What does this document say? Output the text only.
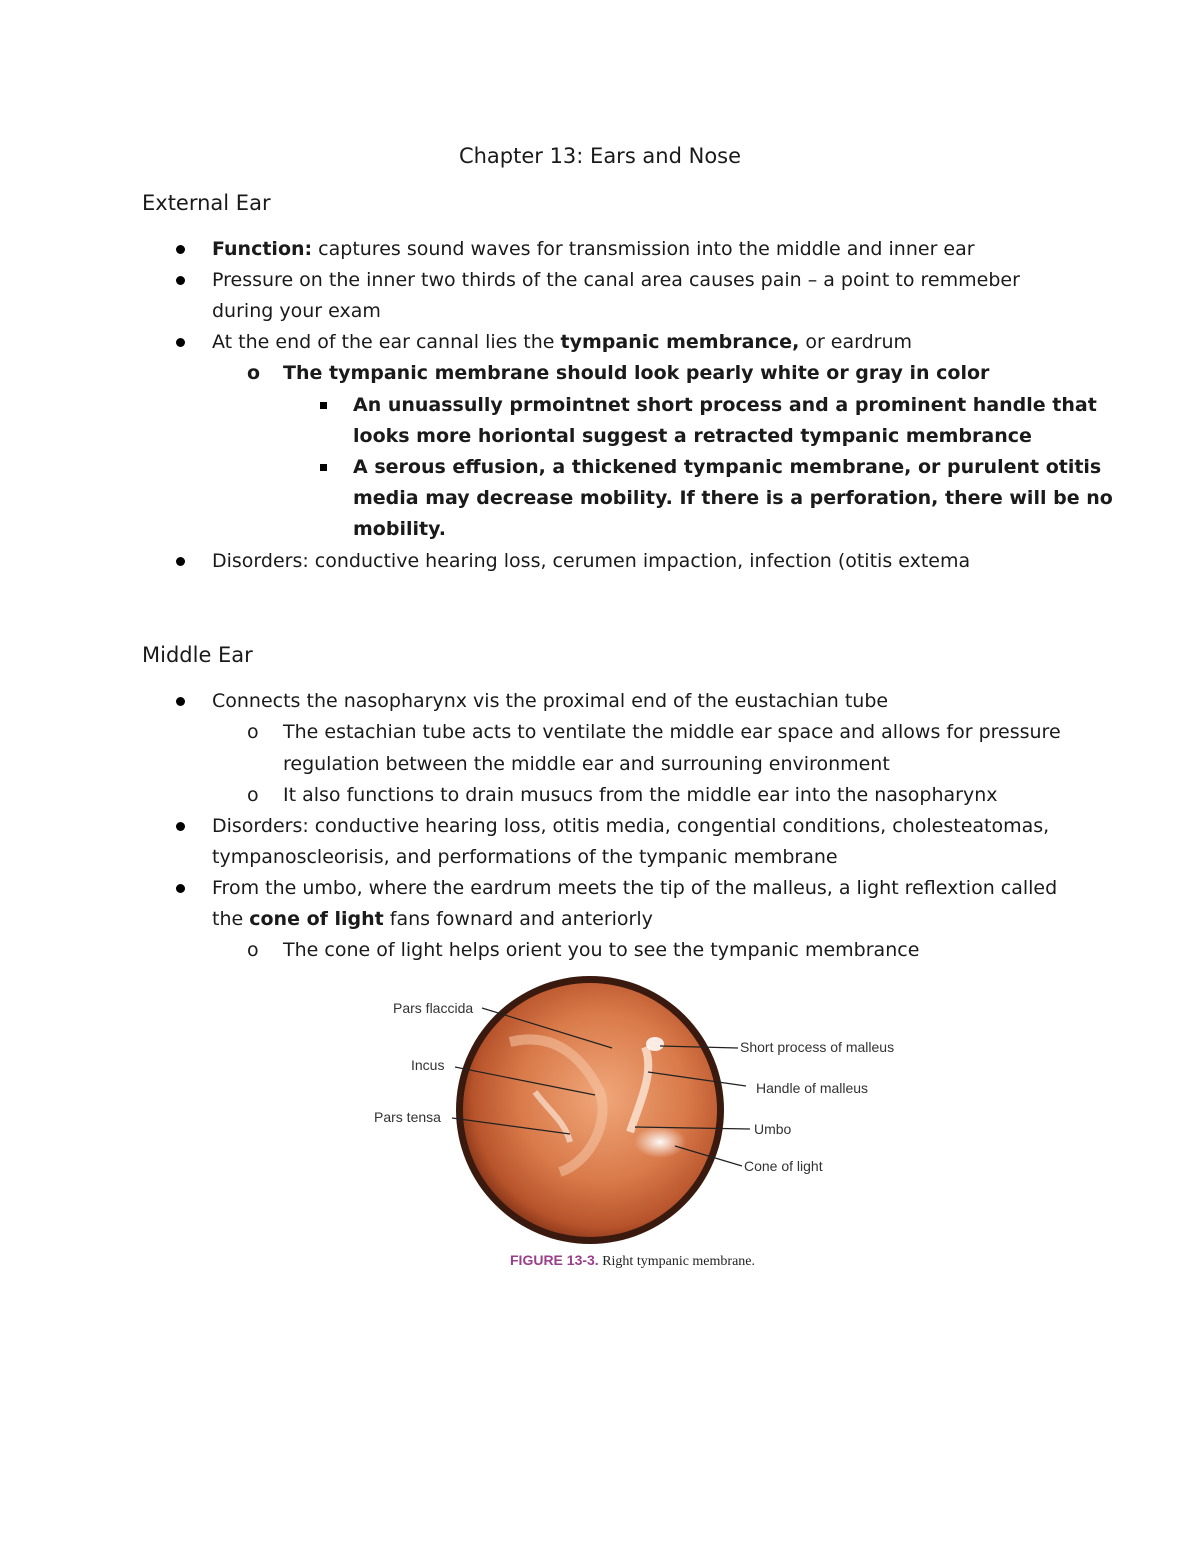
Chapter 13: Ears and Nose
External Ear
Function: captures sound waves for transmission into the middle and inner ear
Pressure on the inner two thirds of the canal area causes pain – a point to remmeber
during your exam
At the end of the ear cannal lies the tympanic membrance, or eardrum
o The tympanic membrane should look pearly white or gray in color
An unuassully prmointnet short process and a prominent handle that
looks more horiontal suggest a retracted tympanic membrance
A serous effusion, a thickened tympanic membrane, or purulent otitis
media may decrease mobility. If there is a perforation, there will be no
mobility.
Disorders: conductive hearing loss, cerumen impaction, infection (otitis extema
Middle Ear
Connects the nasopharynx vis the proximal end of the eustachian tube
o The estachian tube acts to ventilate the middle ear space and allows for pressure
regulation between the middle ear and surrouning environment
o It also functions to drain musucs from the middle ear into the nasopharynx
Disorders: conductive hearing loss, otitis media, congential conditions, cholesteatomas,
tympanoscleorisis, and performations of the tympanic membrane
From the umbo, where the eardrum meets the tip of the malleus, a light reflextion called
the cone of light fans fownard and anteriorly
o The cone of light helps orient you to see the tympanic membrance
Pars flaccida
Incus
Pars tensa
Short process of malleus
Handle of malleus
Umbo
Cone of light
FIGURE 13-3. Right tympanic membrane.
